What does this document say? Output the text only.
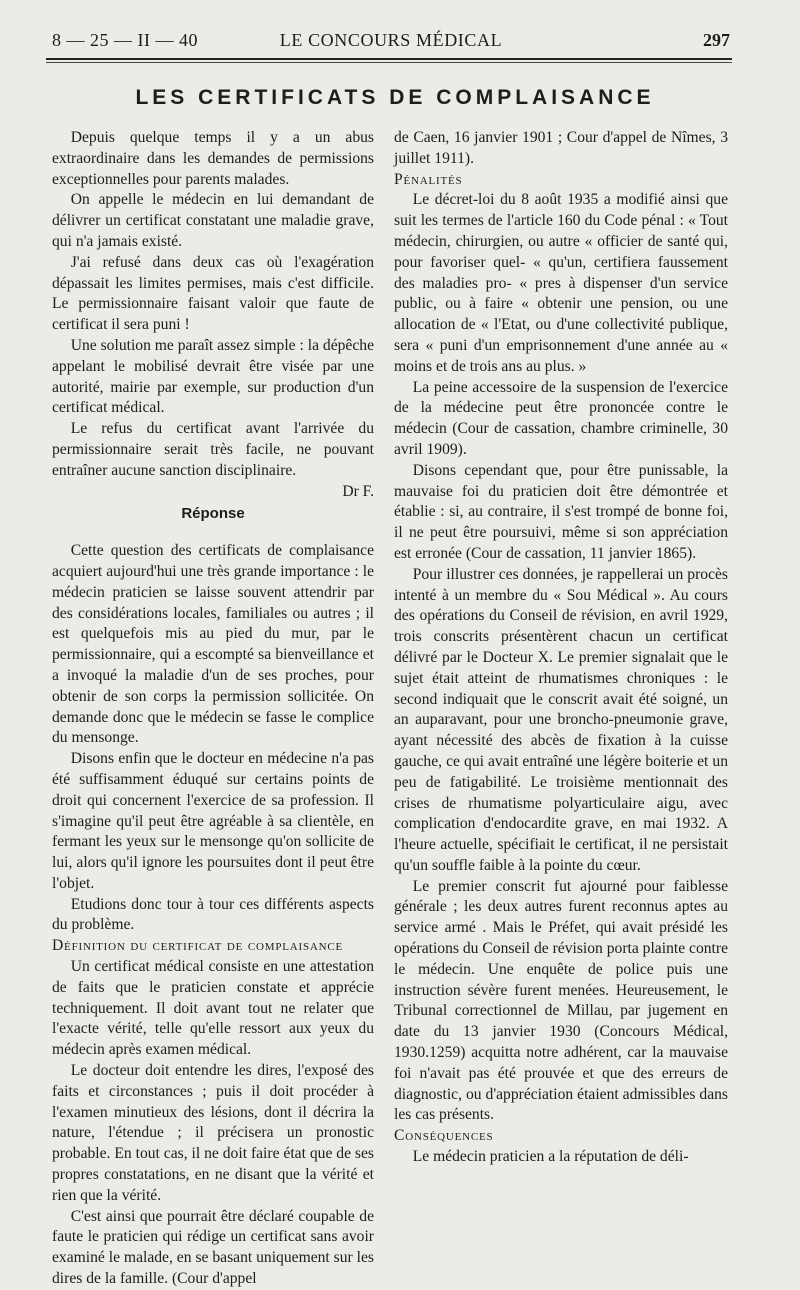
8 — 25 — II — 40	LE CONCOURS MÉDICAL	297
LES CERTIFICATS DE COMPLAISANCE

Depuis quelque temps il y a un abus extraordinaire dans les demandes de permissions exceptionnelles pour parents malades.

On appelle le médecin en lui demandant de délivrer un certificat constatant une maladie grave, qui n'a jamais existé.

J'ai refusé dans deux cas où l'exagération dépassait les limites permises, mais c'est difficile. Le permissionnaire faisant valoir que faute de certificat il sera puni !

Une solution me paraît assez simple : la dépêche appelant le mobilisé devrait être visée par une autorité, mairie par exemple, sur production d'un certificat médical.

Le refus du certificat avant l'arrivée du permissionnaire serait très facile, ne pouvant entraîner aucune sanction disciplinaire.

Dr F.

Réponse

Cette question des certificats de complaisance acquiert aujourd'hui une très grande importance : le médecin praticien se laisse souvent attendrir par des considérations locales, familiales ou autres ; il est quelquefois mis au pied du mur, par le permissionnaire, qui a escompté sa bienveillance et a invoqué la maladie d'un de ses proches, pour obtenir de son corps la permission sollicitée. On demande donc que le médecin se fasse le complice du mensonge.

Disons enfin que le docteur en médecine n'a pas été suffisamment éduqué sur certains points de droit qui concernent l'exercice de sa profession. Il s'imagine qu'il peut être agréable à sa clientèle, en fermant les yeux sur le mensonge qu'on sollicite de lui, alors qu'il ignore les poursuites dont il peut être l'objet.

Etudions donc tour à tour ces différents aspects du problème.

Définition du certificat de complaisance

Un certificat médical consiste en une attestation de faits que le praticien constate et apprécie techniquement. Il doit avant tout ne relater que l'exacte vérité, telle qu'elle ressort aux yeux du médecin après examen médical.

Le docteur doit entendre les dires, l'exposé des faits et circonstances ; puis il doit procéder à l'examen minutieux des lésions, dont il décrira la nature, l'étendue ; il précisera un pronostic probable. En tout cas, il ne doit faire état que de ses propres constatations, en ne disant que la vérité et rien que la vérité.

C'est ainsi que pourrait être déclaré coupable de faute le praticien qui rédige un certificat sans avoir examiné le malade, en se basant uniquement sur les dires de la famille. (Cour d'appel

de Caen, 16 janvier 1901 ; Cour d'appel de Nîmes, 3 juillet 1911).

Pénalités

Le décret-loi du 8 août 1935 a modifié ainsi que suit les termes de l'article 160 du Code pénal : « Tout médecin, chirurgien, ou autre « officier de santé qui, pour favoriser quel- « qu'un, certifiera faussement des maladies pro- « pres à dispenser d'un service public, ou à faire « obtenir une pension, ou une allocation de « l'Etat, ou d'une collectivité publique, sera « puni d'un emprisonnement d'une année au « moins et de trois ans au plus. »

La peine accessoire de la suspension de l'exercice de la médecine peut être prononcée contre le médecin (Cour de cassation, chambre criminelle, 30 avril 1909).

Disons cependant que, pour être punissable, la mauvaise foi du praticien doit être démontrée et établie : si, au contraire, il s'est trompé de bonne foi, il ne peut être poursuivi, même si son appréciation est erronée (Cour de cassation, 11 janvier 1865).

Pour illustrer ces données, je rappellerai un procès intenté à un membre du « Sou Médical ». Au cours des opérations du Conseil de révision, en avril 1929, trois conscrits présentèrent chacun un certificat délivré par le Docteur X. Le premier signalait que le sujet était atteint de rhumatismes chroniques : le second indiquait que le conscrit avait été soigné, un an auparavant, pour une broncho-pneumonie grave, ayant nécessité des abcès de fixation à la cuisse gauche, ce qui avait entraîné une légère boiterie et un peu de fatigabilité. Le troisième mentionnait des crises de rhumatisme polyarticulaire aigu, avec complication d'endocardite grave, en mai 1932. A l'heure actuelle, spécifiait le certificat, il ne persistait qu'un souffle faible à la pointe du cœur.

Le premier conscrit fut ajourné pour faiblesse générale ; les deux autres furent reconnus aptes au service armé . Mais le Préfet, qui avait présidé les opérations du Conseil de révision porta plainte contre le médecin. Une enquête de police puis une instruction sévère furent menées. Heureusement, le Tribunal correctionnel de Millau, par jugement en date du 13 janvier 1930 (Concours Médical, 1930.1259) acquitta notre adhérent, car la mauvaise foi n'avait pas été prouvée et que des erreurs de diagnostic, ou d'appréciation étaient admissibles dans les cas présents.

Conséquences

Le médecin praticien a la réputation de déli-
